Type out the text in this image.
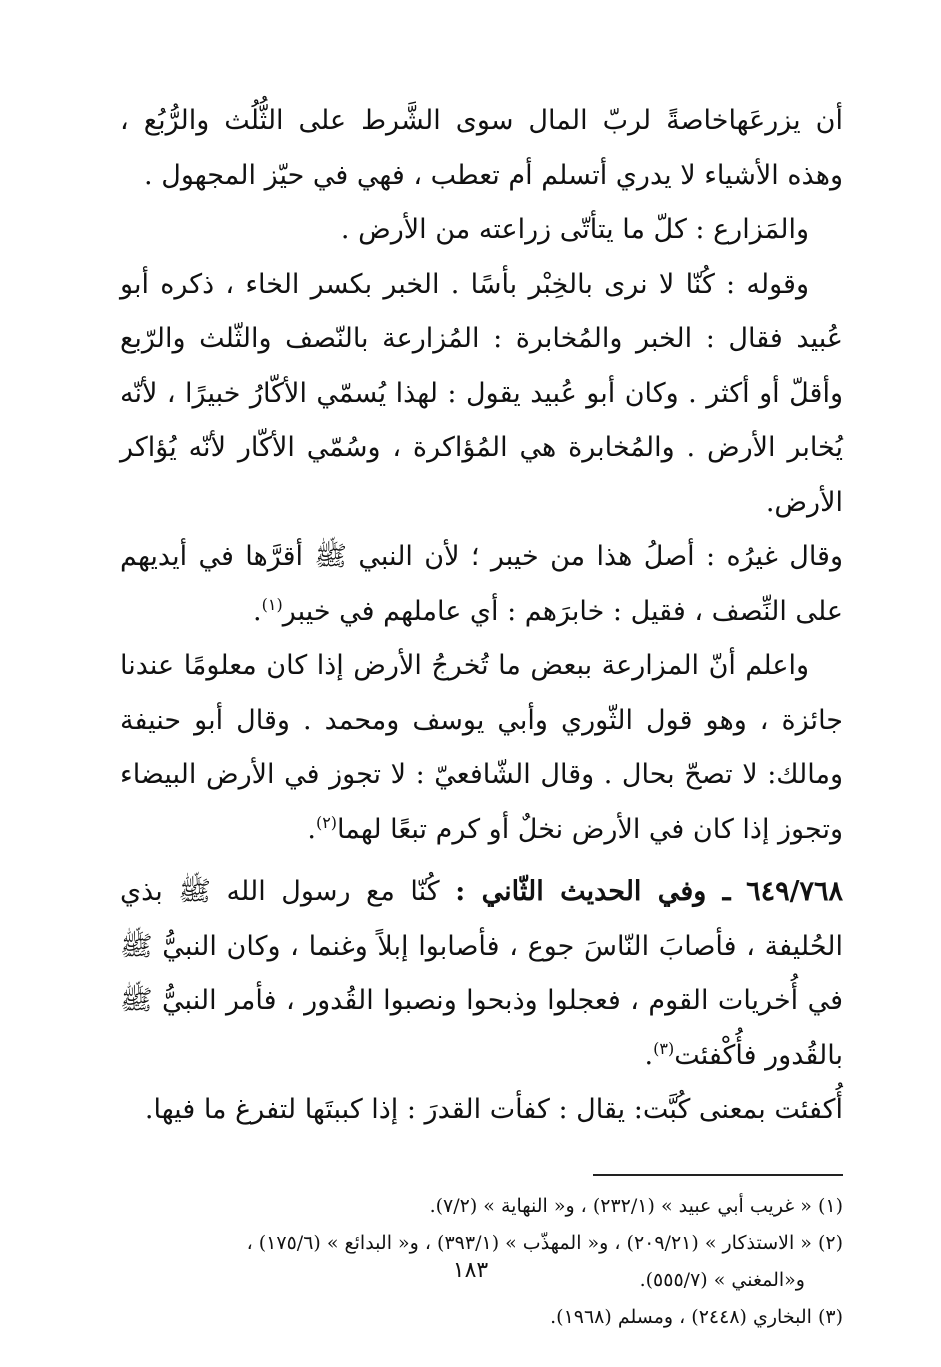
أن يزرعَهاخاصةً لربّ المال سوى الشَّرط على الثُّلُث والرُّبُع ، وهذه الأشياء لا يدري أتسلم أم تعطب ، فهي في حيّز المجهول .

والمَزارع : كلّ ما يتأتّى زراعته من الأرض .

وقوله : كُنّا لا نرى بالخِبْر بأسًا . الخبر بكسر الخاء ، ذكره أبو عُبيد فقال : الخبر والمُخابرة : المُزارعة بالنّصف والثّلث والرّبع وأقلّ أو أكثر . وكان أبو عُبيد يقول : لهذا يُسمّي الأكّارُ خبيرًا ، لأنّه يُخابر الأرض . والمُخابرة هي المُؤاكرة ، وسُمّي الأكّار لأنّه يُؤاكر الأرض.

وقال غيرُه : أصلُ هذا من خيبر ؛ لأن النبي ﷺ أقرَّها في أيديهم على النِّصف ، فقيل : خابرَهم : أي عاملهم في خيبر$^{(١)}$.

واعلم أنّ المزارعة ببعض ما تُخرجُ الأرض إذا كان معلومًا عندنا جائزة ، وهو قول الثّوري وأبي يوسف ومحمد . وقال أبو حنيفة ومالك: لا تصحّ بحال . وقال الشّافعيّ : لا تجوز في الأرض البيضاء وتجوز إذا كان في الأرض نخلٌ أو كرم تبعًا لهما$^{(٢)}$.

٦٤٩/٧٦٨ ـ وفي الحديث الثّاني : كُنّا مع رسول الله ﷺ بذي الحُليفة ، فأصابَ النّاسَ جوع ، فأصابوا إبلاً وغنما ، وكان النبيُّ ﷺ في أُخريات القوم ، فعجلوا وذبحوا ونصبوا القُدور ، فأمر النبيُّ ﷺ بالقُدور فأُكْفئت$^{(٣)}$.

أُكفئت بمعنى كُبَّت: يقال : كفأت القدرَ : إذا كببتَها لتفرغ ما فيها.

(١) « غريب أبي عبيد » (٢٣٢/١) ، و« النهاية » (٧/٢).

(٢) « الاستذكار » (٢٠٩/٢١) ، و« المهذّب » (٣٩٣/١) ، و« البدائع » (١٧٥/٦) ،

و«المغني » (٥٥٥/٧).

(٣) البخاري (٢٤٤٨) ، ومسلم (١٩٦٨).

١٨٣
